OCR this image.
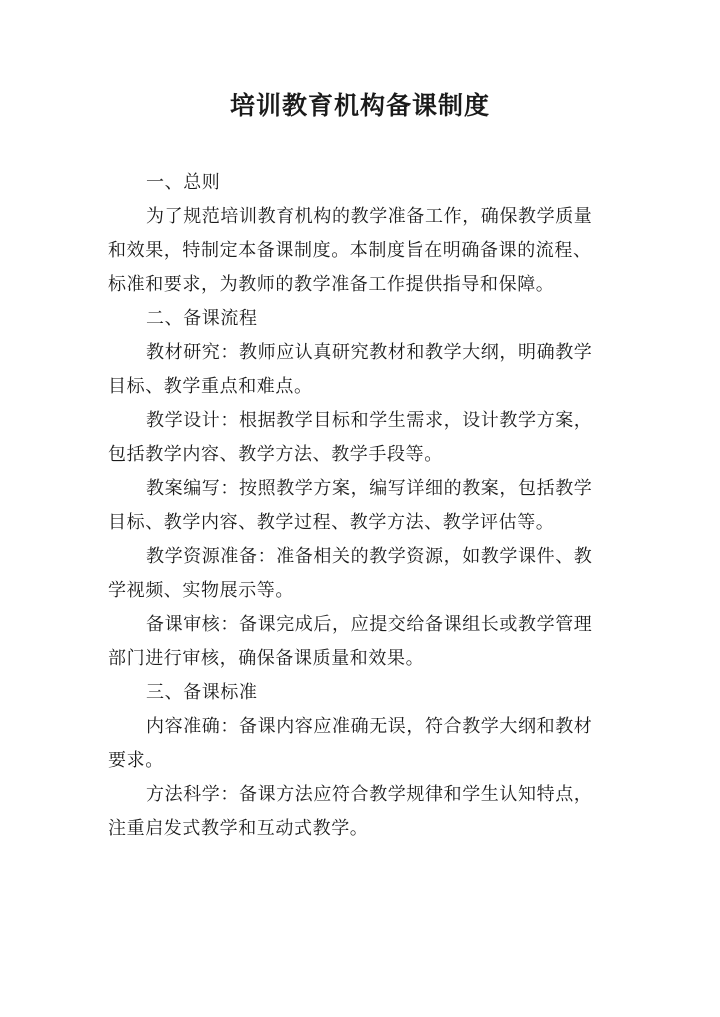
培训教育机构备课制度
一、总则
为了规范培训教育机构的教学准备工作，确保教学质量
和效果，特制定本备课制度。本制度旨在明确备课的流程、
标准和要求，为教师的教学准备工作提供指导和保障。
二、备课流程
教材研究：教师应认真研究教材和教学大纲，明确教学
目标、教学重点和难点。
教学设计：根据教学目标和学生需求，设计教学方案，
包括教学内容、教学方法、教学手段等。
教案编写：按照教学方案，编写详细的教案，包括教学
目标、教学内容、教学过程、教学方法、教学评估等。
教学资源准备：准备相关的教学资源，如教学课件、教
学视频、实物展示等。
备课审核：备课完成后，应提交给备课组长或教学管理
部门进行审核，确保备课质量和效果。
三、备课标准
内容准确：备课内容应准确无误，符合教学大纲和教材
要求。
方法科学：备课方法应符合教学规律和学生认知特点，
注重启发式教学和互动式教学。
